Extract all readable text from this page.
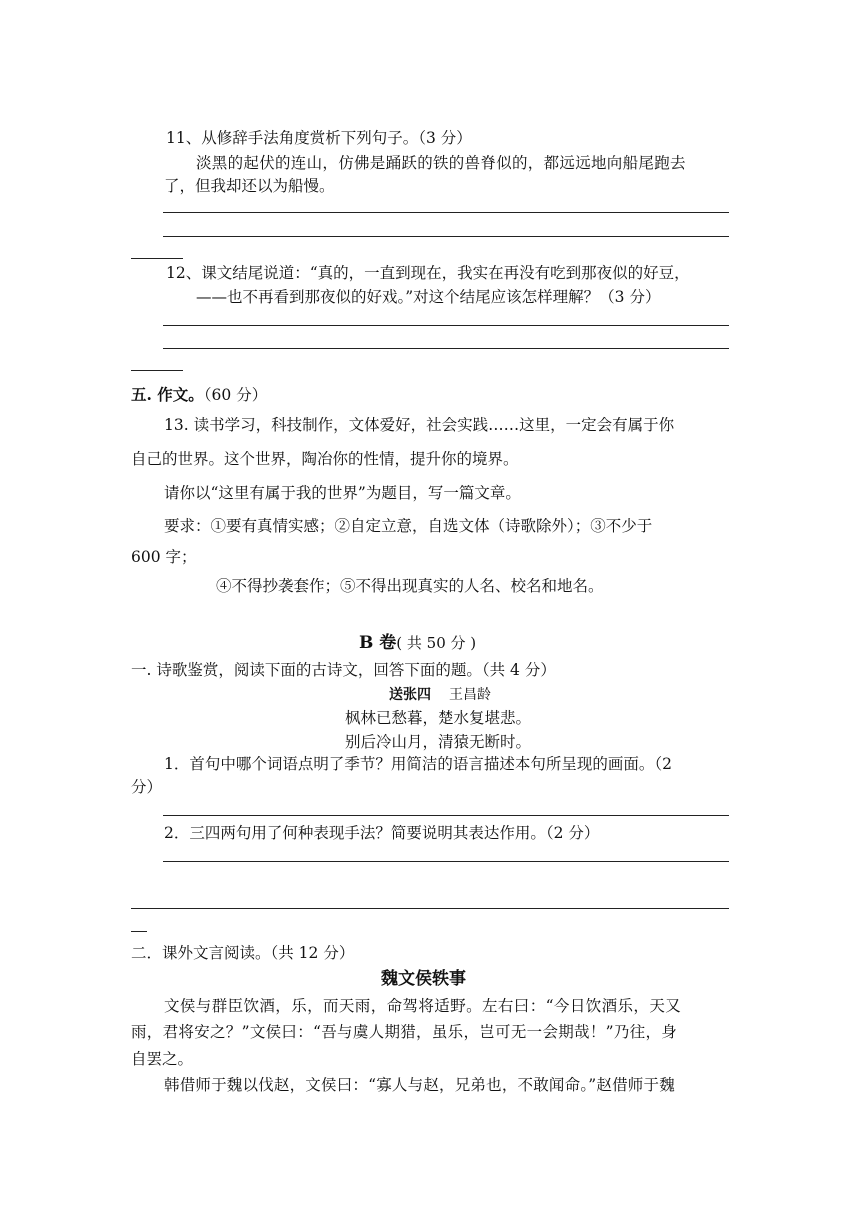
11、从修辞手法角度赏析下列句子。（3 分）
淡黑的起伏的连山，仿佛是踊跃的铁的兽脊似的，都远远地向船尾跑去
了，但我却还以为船慢。
12、课文结尾说道：“真的，一直到现在，我实在再没有吃到那夜似的好豆，
——也不再看到那夜似的好戏。”对这个结尾应该怎样理解？（3 分）
五. 作文。（60 分）
13. 读书学习，科技制作，文体爱好，社会实践……这里，一定会有属于你
自己的世界。这个世界，陶冶你的性情，提升你的境界。
请你以“这里有属于我的世界”为题目，写一篇文章。
要求：①要有真情实感；②自定立意，自选文体（诗歌除外）；③不少于
600 字；
④不得抄袭套作；⑤不得出现真实的人名、校名和地名。
B 卷( 共 50 分 )
一. 诗歌鉴赏，阅读下面的古诗文，回答下面的题。（共 4 分）
送张四 王昌龄
枫林已愁暮，楚水复堪悲。
别后冷山月，清猿无断时。
1．首句中哪个词语点明了季节？用简洁的语言描述本句所呈现的画面。（2
分）
2．三四两句用了何种表现手法？简要说明其表达作用。（2 分）
二．课外文言阅读。（共 12 分）
魏文侯轶事
文侯与群臣饮酒，乐，而天雨，命驾将适野。左右曰：“今日饮酒乐，天又
雨，君将安之？”文侯曰：“吾与虞人期猎，虽乐，岂可无一会期哉！”乃往，身
自罢之。
韩借师于魏以伐赵，文侯曰：“寡人与赵，兄弟也，不敢闻命。”赵借师于魏
